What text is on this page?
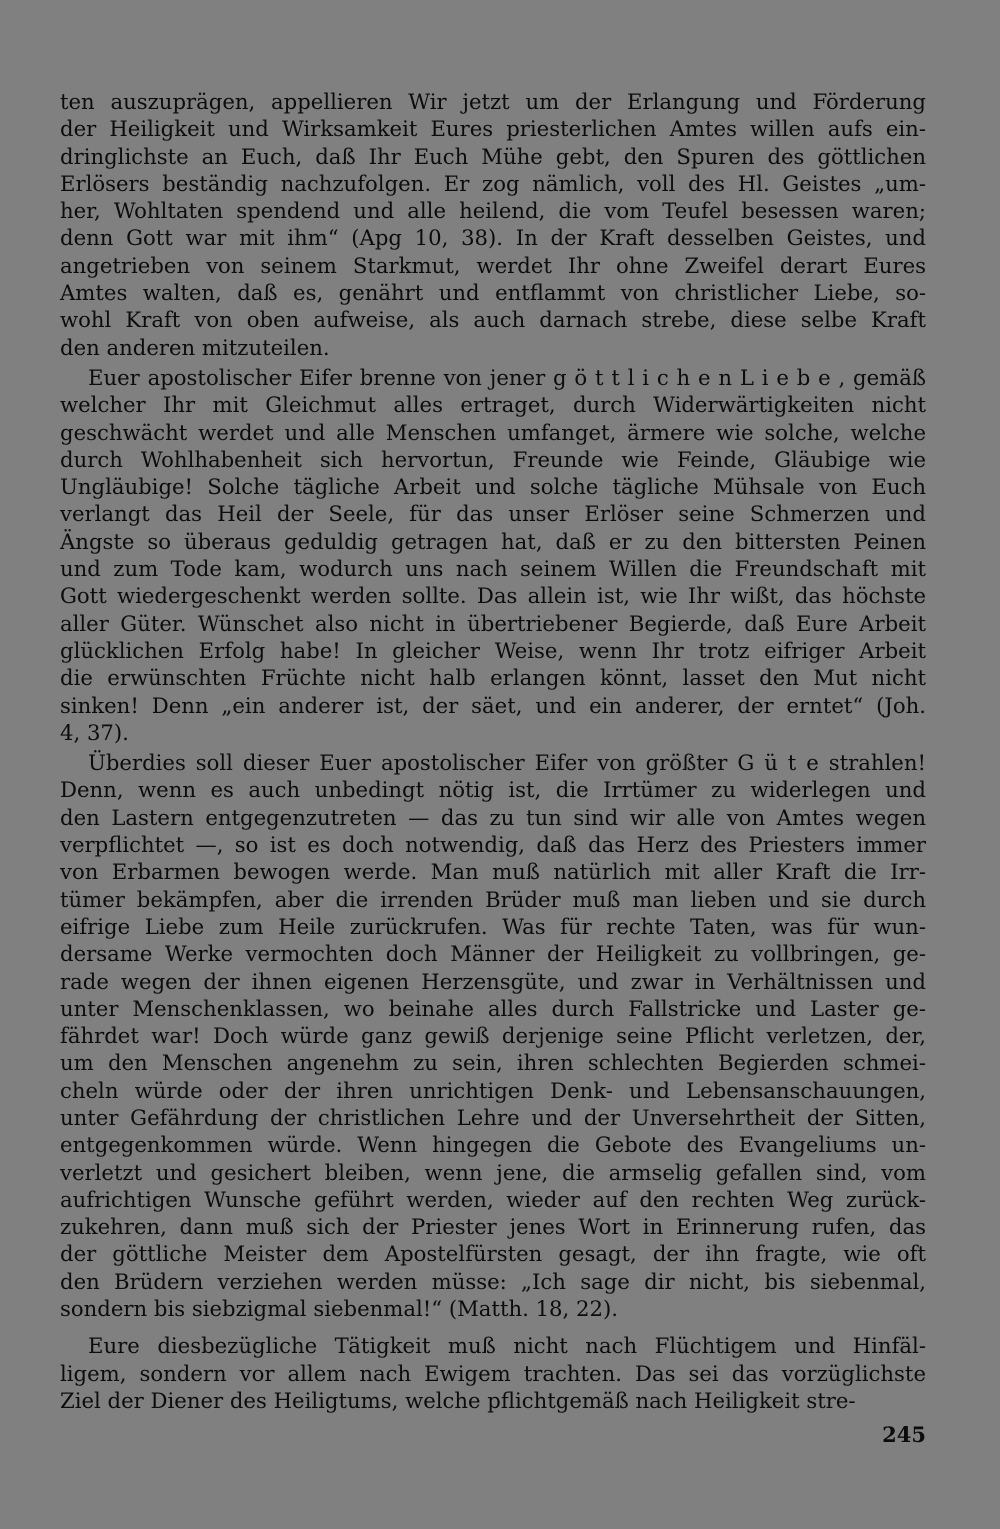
ten auszuprägen, appellieren Wir jetzt um der Erlangung und Förderung
der Heiligkeit und Wirksamkeit Eures priesterlichen Amtes willen aufs ein-
dringlichste an Euch, daß Ihr Euch Mühe gebt, den Spuren des göttlichen
Erlösers beständig nachzufolgen. Er zog nämlich, voll des Hl. Geistes „um-
her, Wohltaten spendend und alle heilend, die vom Teufel besessen waren;
denn Gott war mit ihm“ (Apg 10, 38). In der Kraft desselben Geistes, und
angetrieben von seinem Starkmut, werdet Ihr ohne Zweifel derart Eures
Amtes walten, daß es, genährt und entflammt von christlicher Liebe, so-
wohl Kraft von oben aufweise, als auch darnach strebe, diese selbe Kraft
den anderen mitzuteilen.
Euer apostolischer Eifer brenne von jener g ö t t l i c h e n L i e b e , gemäß
welcher Ihr mit Gleichmut alles ertraget, durch Widerwärtigkeiten nicht
geschwächt werdet und alle Menschen umfanget, ärmere wie solche, welche
durch Wohlhabenheit sich hervortun, Freunde wie Feinde, Gläubige wie
Ungläubige! Solche tägliche Arbeit und solche tägliche Mühsale von Euch
verlangt das Heil der Seele, für das unser Erlöser seine Schmerzen und
Ängste so überaus geduldig getragen hat, daß er zu den bittersten Peinen
und zum Tode kam, wodurch uns nach seinem Willen die Freundschaft mit
Gott wiedergeschenkt werden sollte. Das allein ist, wie Ihr wißt, das höchste
aller Güter. Wünschet also nicht in übertriebener Begierde, daß Eure Arbeit
glücklichen Erfolg habe! In gleicher Weise, wenn Ihr trotz eifriger Arbeit
die erwünschten Früchte nicht halb erlangen könnt, lasset den Mut nicht
sinken! Denn „ein anderer ist, der säet, und ein anderer, der erntet“ (Joh.
4, 37).
Überdies soll dieser Euer apostolischer Eifer von größter G ü t e strahlen!
Denn, wenn es auch unbedingt nötig ist, die Irrtümer zu widerlegen und
den Lastern entgegenzutreten — das zu tun sind wir alle von Amtes wegen
verpflichtet —, so ist es doch notwendig, daß das Herz des Priesters immer
von Erbarmen bewogen werde. Man muß natürlich mit aller Kraft die Irr-
tümer bekämpfen, aber die irrenden Brüder muß man lieben und sie durch
eifrige Liebe zum Heile zurückrufen. Was für rechte Taten, was für wun-
dersame Werke vermochten doch Männer der Heiligkeit zu vollbringen, ge-
rade wegen der ihnen eigenen Herzensgüte, und zwar in Verhältnissen und
unter Menschenklassen, wo beinahe alles durch Fallstricke und Laster ge-
fährdet war! Doch würde ganz gewiß derjenige seine Pflicht verletzen, der,
um den Menschen angenehm zu sein, ihren schlechten Begierden schmei-
cheln würde oder der ihren unrichtigen Denk- und Lebensanschauungen,
unter Gefährdung der christlichen Lehre und der Unversehrtheit der Sitten,
entgegenkommen würde. Wenn hingegen die Gebote des Evangeliums un-
verletzt und gesichert bleiben, wenn jene, die armselig gefallen sind, vom
aufrichtigen Wunsche geführt werden, wieder auf den rechten Weg zurück-
zukehren, dann muß sich der Priester jenes Wort in Erinnerung rufen, das
der göttliche Meister dem Apostelfürsten gesagt, der ihn fragte, wie oft
den Brüdern verziehen werden müsse: „Ich sage dir nicht, bis siebenmal,
sondern bis siebzigmal siebenmal!“ (Matth. 18, 22).
Eure diesbezügliche Tätigkeit muß nicht nach Flüchtigem und Hinfäl-
ligem, sondern vor allem nach Ewigem trachten. Das sei das vorzüglichste
Ziel der Diener des Heiligtums, welche pflichtgemäß nach Heiligkeit stre-
245
